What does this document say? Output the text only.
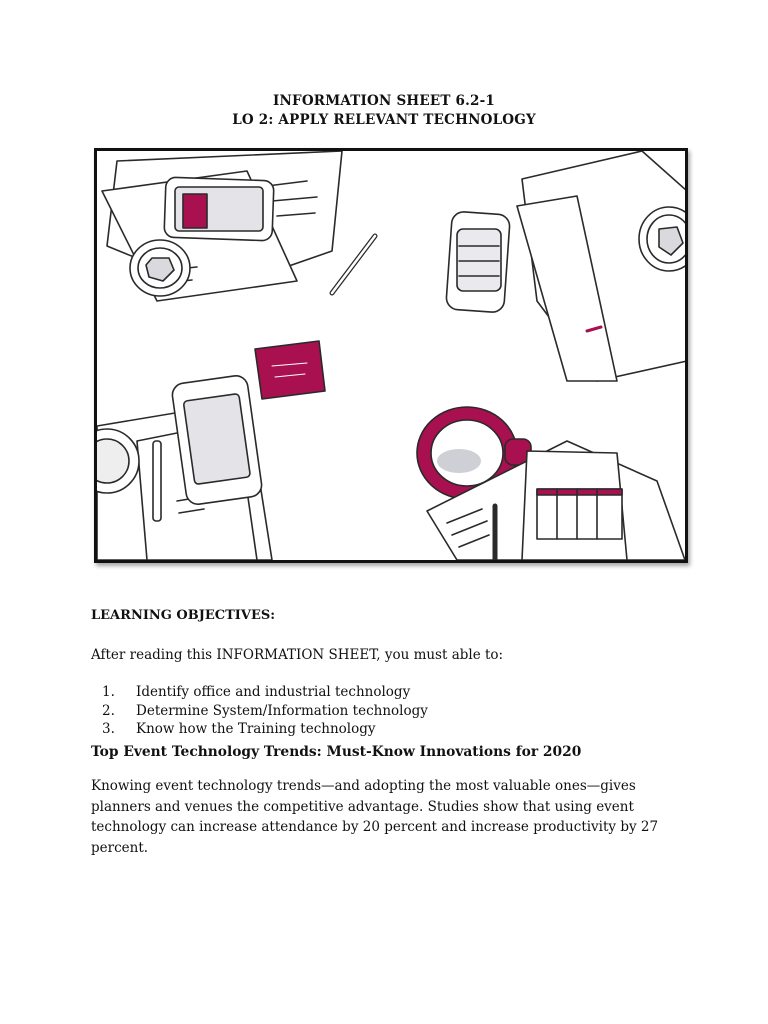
INFORMATION SHEET 6.2-1
LO 2: APPLY RELEVANT TECHNOLOGY
LEARNING OBJECTIVES:
After reading this INFORMATION SHEET, you must able to:
1. Identify office and industrial technology
2. Determine System/Information technology
3. Know how the Training technology
Top Event Technology Trends: Must-Know Innovations for 2020

Knowing event technology trends—and adopting the most valuable ones—gives planners and venues the competitive advantage. Studies show that using event technology can increase attendance by 20 percent and increase productivity by 27 percent.
